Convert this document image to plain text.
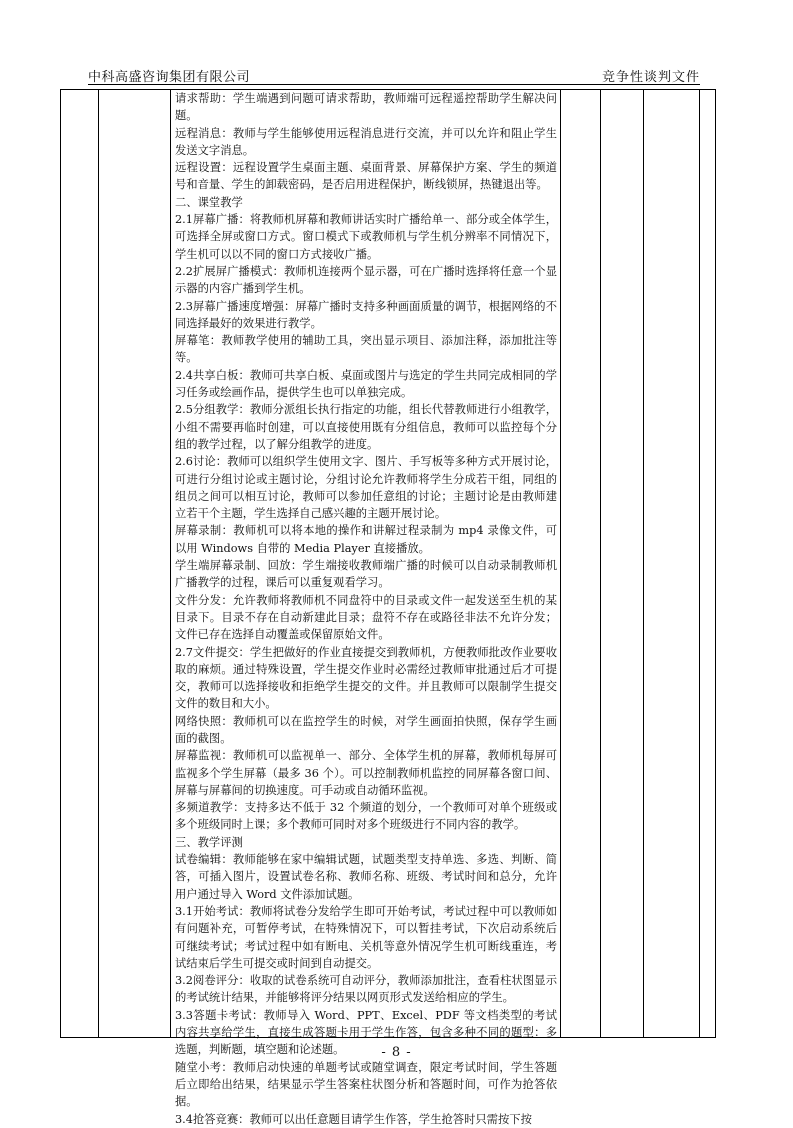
中科高盛咨询集团有限公司	竞争性谈判文件

请求帮助：学生端遇到问题可请求帮助，教师端可远程遥控帮助学生解决问题。

远程消息：教师与学生能够使用远程消息进行交流，并可以允许和阻止学生发送文字消息。

远程设置：远程设置学生桌面主题、桌面背景、屏幕保护方案、学生的频道号和音量、学生的卸载密码，是否启用进程保护，断线锁屏，热键退出等。

二、课堂教学

2.1屏幕广播：将教师机屏幕和教师讲话实时广播给单一、部分或全体学生，可选择全屏或窗口方式。窗口模式下或教师机与学生机分辨率不同情况下，学生机可以以不同的窗口方式接收广播。

2.2扩展屏广播模式：教师机连接两个显示器，可在广播时选择将任意一个显示器的内容广播到学生机。

2.3屏幕广播速度增强：屏幕广播时支持多种画面质量的调节，根据网络的不同选择最好的效果进行教学。

屏幕笔：教师教学使用的辅助工具，突出显示项目、添加注释，添加批注等等。

2.4共享白板：教师可共享白板、桌面或图片与选定的学生共同完成相同的学习任务或绘画作品，提供学生也可以单独完成。

2.5分组教学：教师分派组长执行指定的功能，组长代替教师进行小组教学，小组不需要再临时创建，可以直接使用既有分组信息，教师可以监控每个分组的教学过程，以了解分组教学的进度。

2.6讨论：教师可以组织学生使用文字、图片、手写板等多种方式开展讨论，可进行分组讨论或主题讨论，分组讨论允许教师将学生分成若干组，同组的组员之间可以相互讨论，教师可以参加任意组的讨论；主题讨论是由教师建立若干个主题，学生选择自己感兴趣的主题开展讨论。

屏幕录制：教师机可以将本地的操作和讲解过程录制为 mp4 录像文件，可以用 Windows 自带的 Media Player 直接播放。

学生端屏幕录制、回放：学生端接收教师端广播的时候可以自动录制教师机广播教学的过程，课后可以重复观看学习。

文件分发：允许教师将教师机不同盘符中的目录或文件一起发送至生机的某目录下。目录不存在自动新建此目录；盘符不存在或路径非法不允许分发；文件已存在选择自动覆盖或保留原始文件。

2.7文件提交：学生把做好的作业直接提交到教师机，方便教师批改作业要收取的麻烦。通过特殊设置，学生提交作业时必需经过教师审批通过后才可提交，教师可以选择接收和拒绝学生提交的文件。并且教师可以限制学生提交文件的数目和大小。

网络快照：教师机可以在监控学生的时候，对学生画面拍快照，保存学生画面的截图。

屏幕监视：教师机可以监视单一、部分、全体学生机的屏幕，教师机每屏可监视多个学生屏幕（最多 36 个）。可以控制教师机监控的同屏幕各窗口间、屏幕与屏幕间的切换速度。可手动或自动循环监视。

多频道教学：支持多达不低于 32 个频道的划分，一个教师可对单个班级或多个班级同时上课；多个教师可同时对多个班级进行不同内容的教学。

三、教学评测

试卷编辑：教师能够在家中编辑试题，试题类型支持单选、多选、判断、简答，可插入图片，设置试卷名称、教师名称、班级、考试时间和总分，允许用户通过导入 Word 文件添加试题。

3.1开始考试：教师将试卷分发给学生即可开始考试，考试过程中可以教师如有问题补充，可暂停考试，在特殊情况下，可以暂挂考试，下次启动系统后可继续考试；考试过程中如有断电、关机等意外情况学生机可断线重连，考试结束后学生可提交或时间到自动提交。

3.2阅卷评分：收取的试卷系统可自动评分，教师添加批注，查看柱状图显示的考试统计结果，并能够将评分结果以网页形式发送给相应的学生。

3.3答题卡考试：教师导入 Word、PPT、Excel、PDF 等文档类型的考试内容共享给学生，直接生成答题卡用于学生作答，包含多种不同的题型：多选题，判断题，填空题和论述题。

随堂小考：教师启动快速的单题考试或随堂调查，限定考试时间，学生答题后立即给出结果，结果显示学生答案柱状图分析和答题时间，可作为抢答依据。

3.4抢答竞赛：教师可以出任意题目请学生作答，学生抢答时只需按下按

- 8 -
